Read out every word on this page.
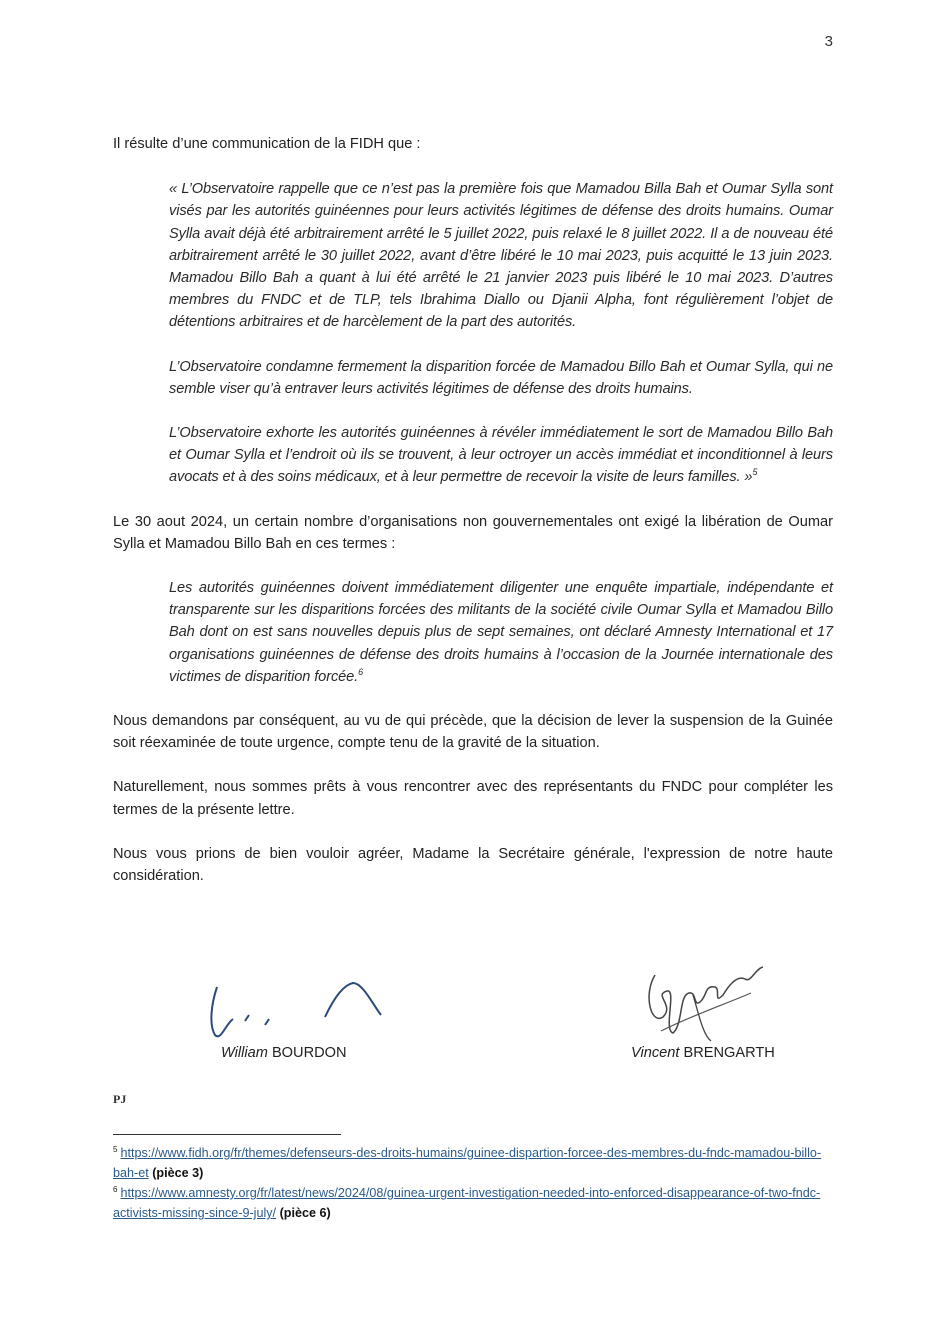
3

Il résulte d’une communication de la FIDH que :

« L’Observatoire rappelle que ce n’est pas la première fois que Mamadou Billa Bah et Oumar Sylla sont visés par les autorités guinéennes pour leurs activités légitimes de défense des droits humains. Oumar Sylla avait déjà été arbitrairement arrêté le 5 juillet 2022, puis relaxé le 8 juillet 2022. Il a de nouveau été arbitrairement arrêté le 30 juillet 2022, avant d’être libéré le 10 mai 2023, puis acquitté le 13 juin 2023. Mamadou Billo Bah a quant à lui été arrêté le 21 janvier 2023 puis libéré le 10 mai 2023. D’autres membres du FNDC et de TLP, tels Ibrahima Diallo ou Djanii Alpha, font régulièrement l’objet de détentions arbitraires et de harcèlement de la part des autorités.

L’Observatoire condamne fermement la disparition forcée de Mamadou Billo Bah et Oumar Sylla, qui ne semble viser qu’à entraver leurs activités légitimes de défense des droits humains.

L’Observatoire exhorte les autorités guinéennes à révéler immédiatement le sort de Mamadou Billo Bah et Oumar Sylla et l’endroit où ils se trouvent, à leur octroyer un accès immédiat et inconditionnel à leurs avocats et à des soins médicaux, et à leur permettre de recevoir la visite de leurs familles. »$^5$

Le 30 aout 2024, un certain nombre d’organisations non gouvernementales ont exigé la libération de Oumar Sylla et Mamadou Billo Bah en ces termes :

Les autorités guinéennes doivent immédiatement diligenter une enquête impartiale, indépendante et transparente sur les disparitions forcées des militants de la société civile Oumar Sylla et Mamadou Billo Bah dont on est sans nouvelles depuis plus de sept semaines, ont déclaré Amnesty International et 17 organisations guinéennes de défense des droits humains à l’occasion de la Journée internationale des victimes de disparition forcée.$^6$

Nous demandons par conséquent, au vu de qui précède, que la décision de lever la suspension de la Guinée soit réexaminée de toute urgence, compte tenu de la gravité de la situation.

Naturellement, nous sommes prêts à vous rencontrer avec des représentants du FNDC pour compléter les termes de la présente lettre.

Nous vous prions de bien vouloir agréer, Madame la Secrétaire générale, l'expression de notre haute considération.

William BOURDON	Vincent BRENGARTH
PJ
$^5$ https://www.fidh.org/fr/themes/defenseurs-des-droits-humains/guinee-dispartion-forcee-des-membres-du-fndc-mamadou-billo-bah-et (pièce 3)
$^6$ https://www.amnesty.org/fr/latest/news/2024/08/guinea-urgent-investigation-needed-into-enforced-disappearance-of-two-fndc-activists-missing-since-9-july/ (pièce 6)
